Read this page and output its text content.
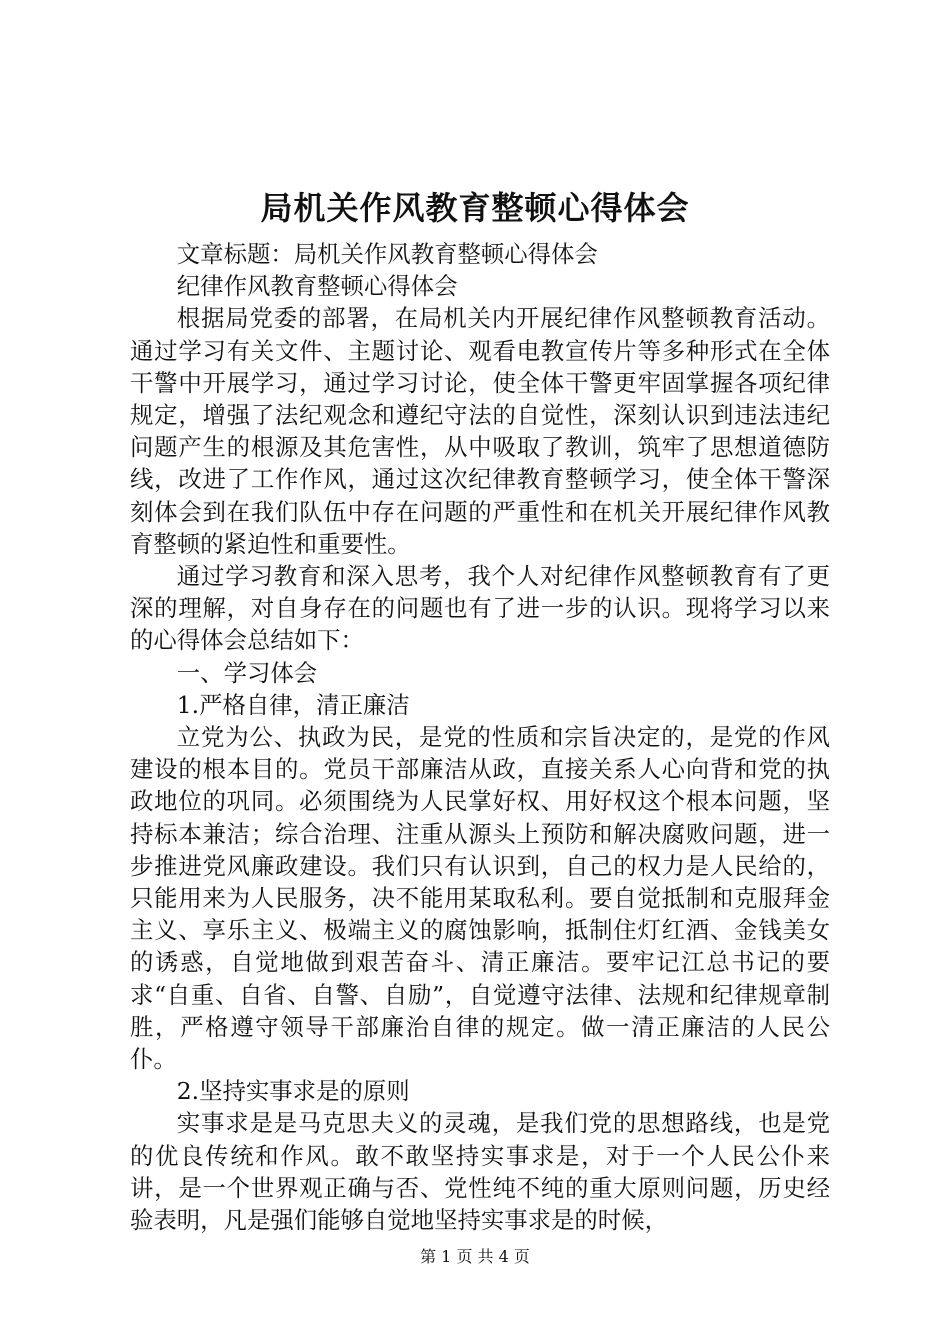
局机关作风教育整顿心得体会

文章标题：局机关作风教育整顿心得体会

纪律作风教育整顿心得体会

根据局党委的部署，在局机关内开展纪律作风整顿教育活动。通过学习有关文件、主题讨论、观看电教宣传片等多种形式在全体干警中开展学习，通过学习讨论，使全体干警更牢固掌握各项纪律规定，增强了法纪观念和遵纪守法的自觉性，深刻认识到违法违纪问题产生的根源及其危害性，从中吸取了教训，筑牢了思想道德防线，改进了工作作风，通过这次纪律教育整顿学习，使全体干警深刻体会到在我们队伍中存在问题的严重性和在机关开展纪律作风教育整顿的紧迫性和重要性。

通过学习教育和深入思考，我个人对纪律作风整顿教育有了更深的理解，对自身存在的问题也有了进一步的认识。现将学习以来的心得体会总结如下：

一、学习体会

1.严格自律，清正廉洁

立党为公、执政为民，是党的性质和宗旨决定的，是党的作风建设的根本目的。党员干部廉洁从政，直接关系人心向背和党的执政地位的巩同。必须围绕为人民掌好权、用好权这个根本问题，坚持标本兼洁；综合治理、注重从源头上预防和解决腐败问题，进一步推进党风廉政建设。我们只有认识到，自己的权力是人民给的，只能用来为人民服务，决不能用某取私利。要自觉抵制和克服拜金主义、享乐主义、极端主义的腐蚀影响，抵制住灯红酒、金钱美女的诱惑，自觉地做到艰苦奋斗、清正廉洁。要牢记江总书记的要求“自重、自省、自警、自励”，自觉遵守法律、法规和纪律规章制胜，严格遵守领导干部廉治自律的规定。做一清正廉洁的人民公仆。

2.坚持实事求是的原则

实事求是是马克思夫义的灵魂，是我们党的思想路线，也是党的优良传统和作风。敢不敢坚持实事求是，对于一个人民公仆来讲，是一个世界观正确与否、党性纯不纯的重大原则问题，历史经验表明，凡是强们能够自觉地坚持实事求是的时候，

第 1 页 共 4 页
